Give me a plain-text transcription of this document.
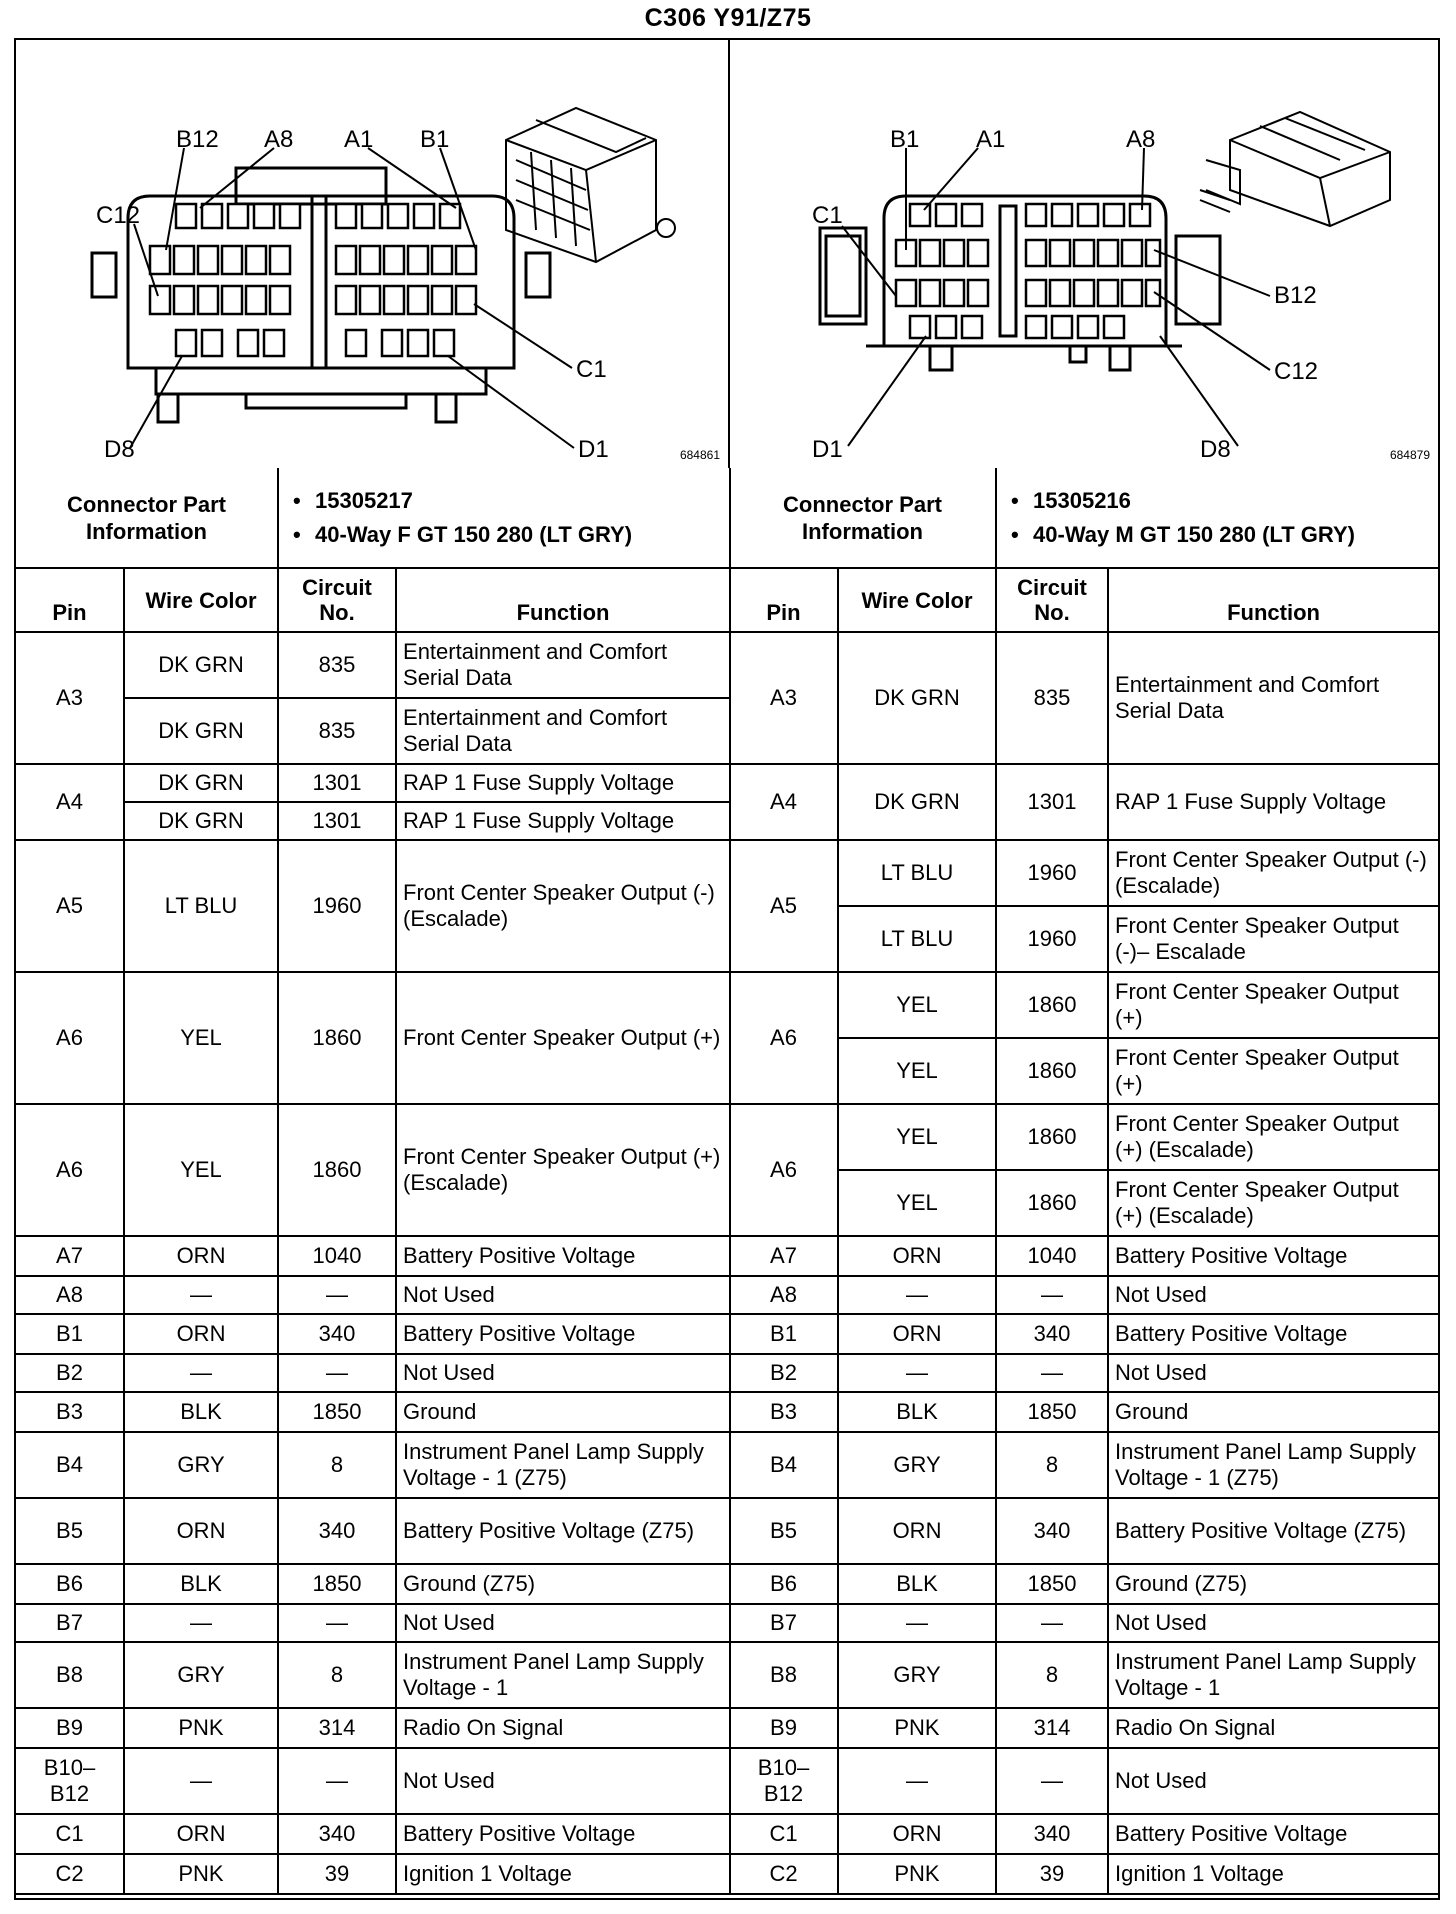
C306 Y91/Z75
B12 A8 A1 B1
C12
C1
D8	D1	684861
B1 A1	A8
C1
B12
C12
D1	D8	684879
Connector Part Information		• 15305217
• 40-Way F GT 150 280 (LT GRY)	

Pin	Wire Color	Circuit No.	Function
A3	DK GRN	835	Entertainment and Comfort Serial Data
	DK GRN	835	Entertainment and Comfort Serial Data
A4	DK GRN	1301	RAP 1 Fuse Supply Voltage
	DK GRN	1301	RAP 1 Fuse Supply Voltage
A5	LT BLU	1960	Front Center Speaker Output (-) (Escalade)
A6	YEL	1860	Front Center Speaker Output (+)
A6	YEL	1860	Front Center Speaker Output (+) (Escalade)
A7	ORN	1040	Battery Positive Voltage
A8	—	—	Not Used
B1	ORN	340	Battery Positive Voltage
B2	—	—	Not Used
B3	BLK	1850	Ground
B4	GRY	8	Instrument Panel Lamp Supply Voltage - 1 (Z75)
B5	ORN	340	Battery Positive Voltage (Z75)
B6	BLK	1850	Ground (Z75)
B7	—	—	Not Used
B8	GRY	8	Instrument Panel Lamp Supply Voltage - 1
B9	PNK	314	Radio On Signal
B10– B12	—	—	Not Used
C1	ORN	340	Battery Positive Voltage
C2	PNK	39	Ignition 1 Voltage
Connector Part Information		• 15305216
• 40-Way M GT 150 280 (LT GRY)	

Pin	Wire Color	Circuit No.	Function
A3	DK GRN	835	Entertainment and Comfort Serial Data
A4	DK GRN	1301	RAP 1 Fuse Supply Voltage
A5	LT BLU	1960	Front Center Speaker Output (-) (Escalade)
	LT BLU	1960	Front Center Speaker Output (-)– Escalade
A6	YEL	1860	Front Center Speaker Output (+)
	YEL	1860	Front Center Speaker Output (+)
A6	YEL	1860	Front Center Speaker Output (+) (Escalade)
	YEL	1860	Front Center Speaker Output (+) (Escalade)
A7	ORN	1040	Battery Positive Voltage
A8	—	—	Not Used
B1	ORN	340	Battery Positive Voltage
B2	—	—	Not Used
B3	BLK	1850	Ground
B4	GRY	8	Instrument Panel Lamp Supply Voltage - 1 (Z75)
B5	ORN	340	Battery Positive Voltage (Z75)
B6	BLK	1850	Ground (Z75)
B7	—	—	Not Used
B8	GRY	8	Instrument Panel Lamp Supply Voltage - 1
B9	PNK	314	Radio On Signal
B10– B12	—	—	Not Used
C1	ORN	340	Battery Positive Voltage
C2	PNK	39	Ignition 1 Voltage
